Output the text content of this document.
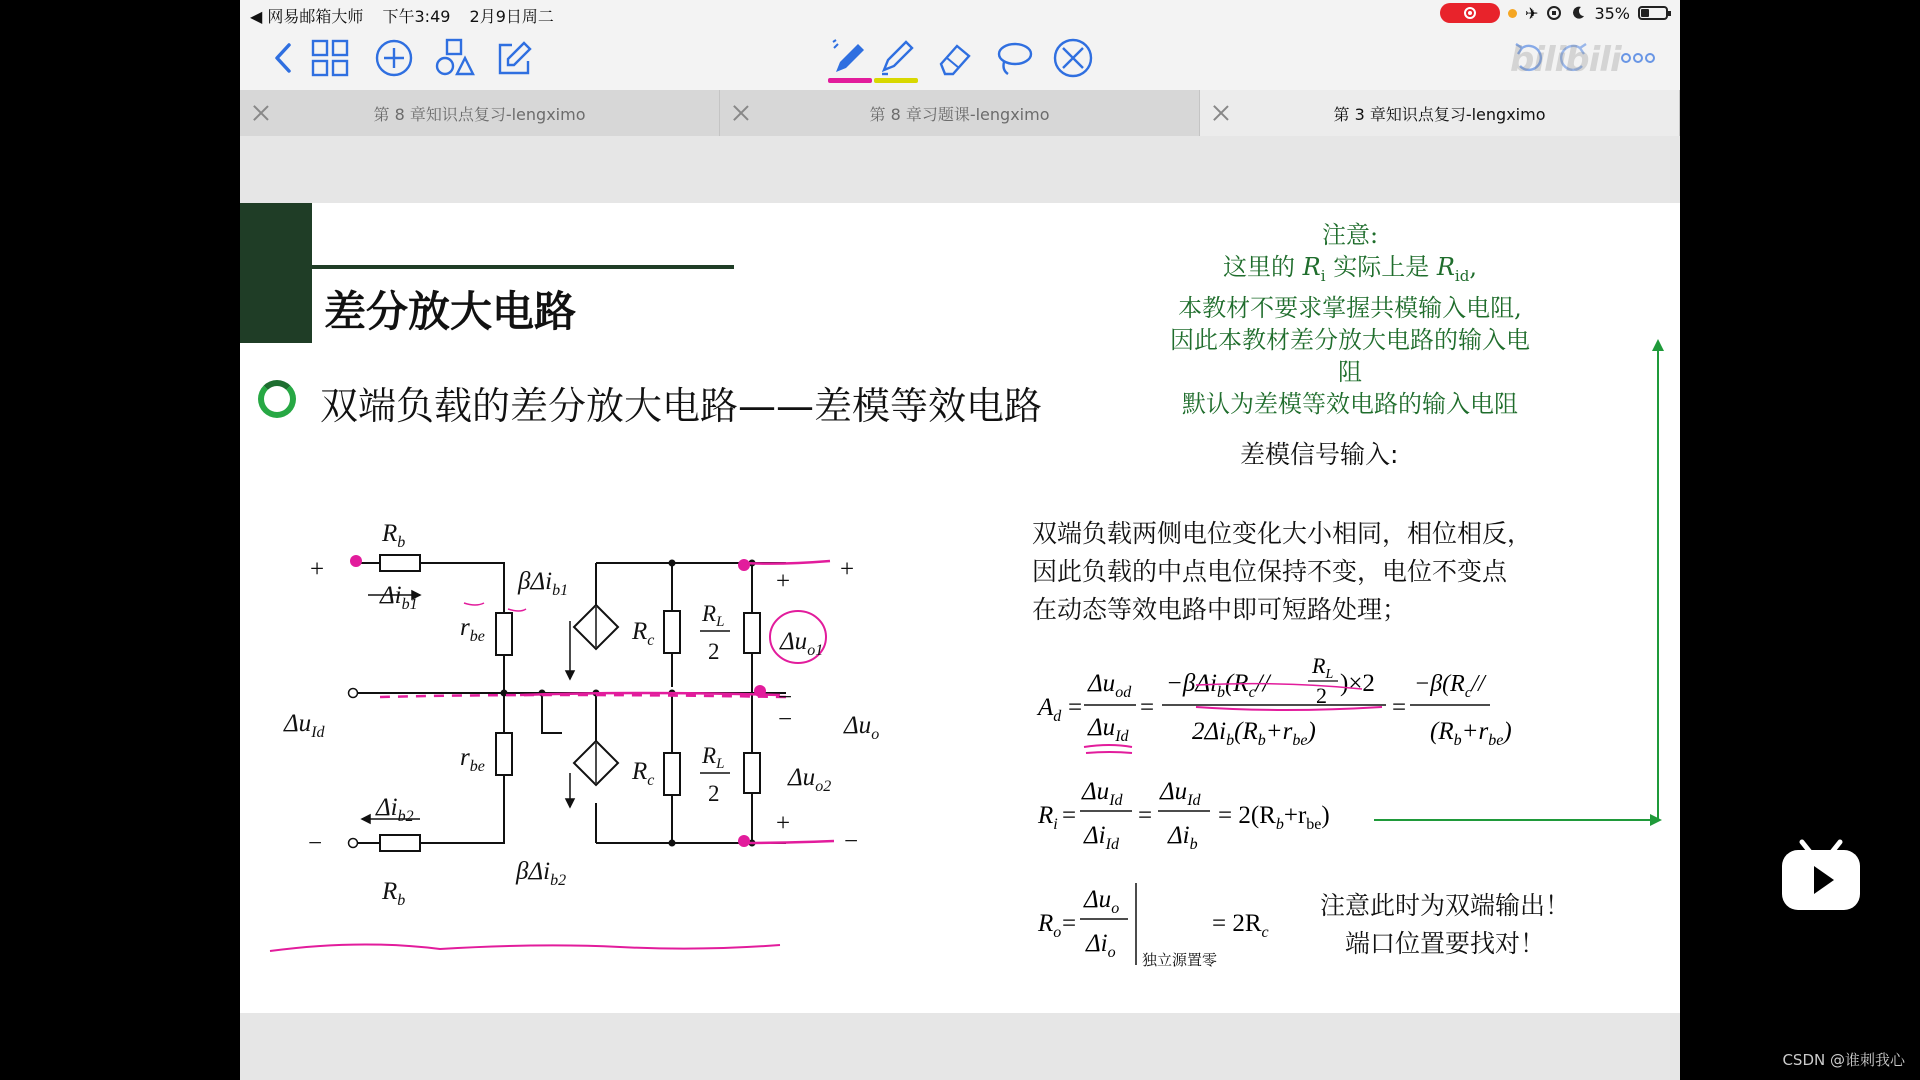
◀ 网易邮箱大师 下午3:49 2月9日周二	✈	35%
bilibili
第 8 章知识点复习-lengximo	第 8 章习题课-lengximo	第 3 章知识点复习-lengximo
差分放大电路
双端负载的差分放大电路——差模等效电路
注意:
这里的 $R_i$ 实际上是 $R_{id}$,
本教材不要求掌握共模输入电阻,
因此本教材差分放大电路的输入电阻
默认为差模等效电路的输入电阻
差模信号输入:
双端负载两侧电位变化大小相同，相位相反，
因此负载的中点电位保持不变，电位不变点
在动态等效电路中即可短路处理；
注意此时为双端输出！
端口位置要找对！
$A_d$ =
$\Delta u_{od}$
$\Delta u_{Id}$
=
$-\beta\Delta i_b(R_c//$
$R_L$
2 )×2
$2\Delta i_b(R_b+r_{be})$
=
$-\beta(R_c//$
$(R_b+r_{be})$
$R_i$ =
$\Delta u_{Id}$
$\Delta i_{Id}$
=
$\Delta u_{Id}$
$\Delta i_b$
= $2(R_b+r_{be})$
$R_o$ =
$\Delta u_o$
$\Delta i_o$
= $2R_c$
独立源置零
+
−
+
+
−
−
+
−
$R_b$
$R_b$
$\Delta i_{b1}$
$\Delta i_{b2}$
$r_{be}$
$r_{be}$
βΔi$_{b1}$
βΔi$_{b2}$
$R_c$
$R_c$
$R_L$
2
$R_L$
2
$\Delta u_{Id}$
$\Delta u_{o1}$
$\Delta u_o$
$\Delta u_{o2}$
CSDN @谁刺我心
